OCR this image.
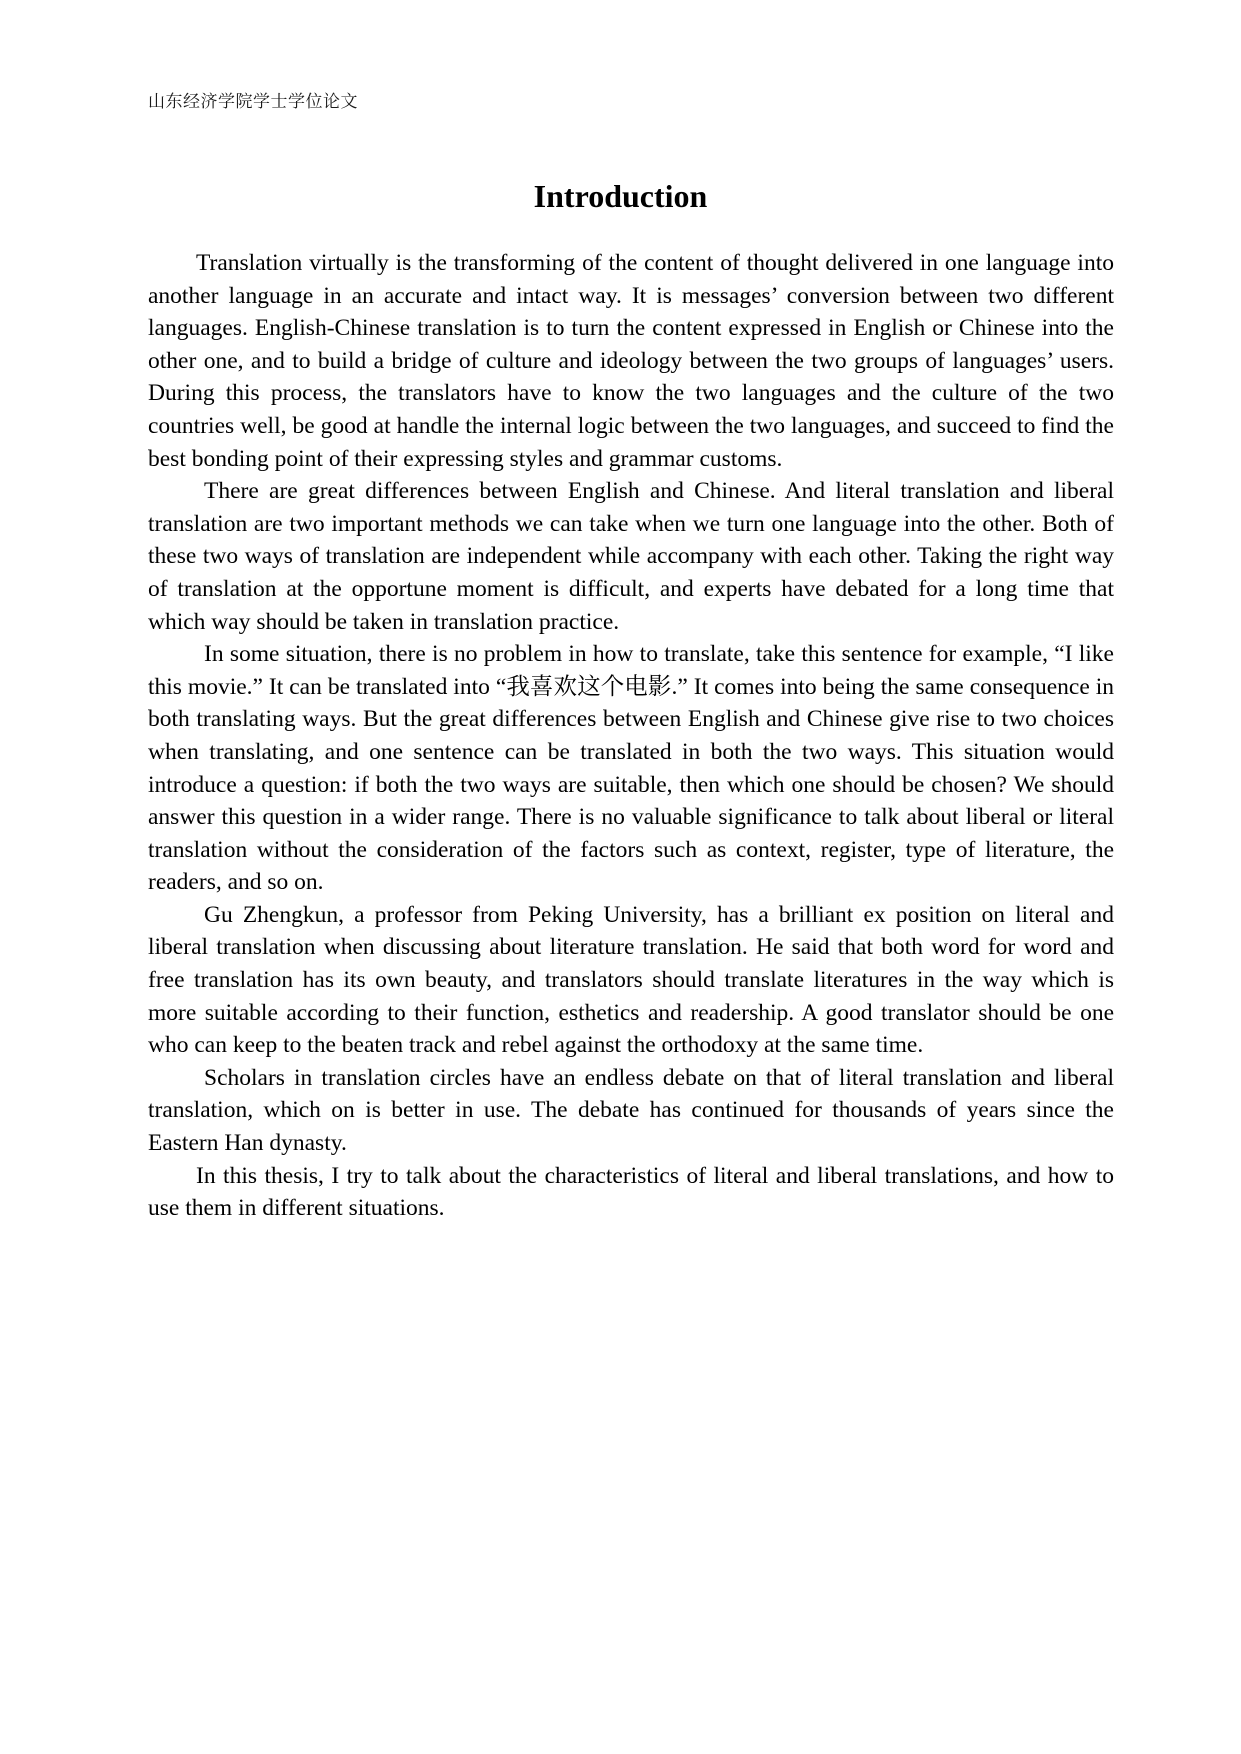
山东经济学院学士学位论文
Introduction

Translation virtually is the transforming of the content of thought delivered in one language into another language in an accurate and intact way. It is messages’ conversion between two different languages. English-Chinese translation is to turn the content expressed in English or Chinese into the other one, and to build a bridge of culture and ideology between the two groups of languages’ users. During this process, the translators have to know the two languages and the culture of the two countries well, be good at handle the internal logic between the two languages, and succeed to find the best bonding point of their expressing styles and grammar customs.

There are great differences between English and Chinese. And literal translation and liberal translation are two important methods we can take when we turn one language into the other. Both of these two ways of translation are independent while accompany with each other. Taking the right way of translation at the opportune moment is difficult, and experts have debated for a long time that which way should be taken in translation practice.

In some situation, there is no problem in how to translate, take this sentence for example, “I like this movie.” It can be translated into “我喜欢这个电影.” It comes into being the same consequence in both translating ways. But the great differences between English and Chinese give rise to two choices when translating, and one sentence can be translated in both the two ways. This situation would introduce a question: if both the two ways are suitable, then which one should be chosen? We should answer this question in a wider range. There is no valuable significance to talk about liberal or literal translation without the consideration of the factors such as context, register, type of literature, the readers, and so on.

Gu Zhengkun, a professor from Peking University, has a brilliant ex position on literal and liberal translation when discussing about literature translation. He said that both word for word and free translation has its own beauty, and translators should translate literatures in the way which is more suitable according to their function, esthetics and readership. A good translator should be one who can keep to the beaten track and rebel against the orthodoxy at the same time.

Scholars in translation circles have an endless debate on that of literal translation and liberal translation, which on is better in use. The debate has continued for thousands of years since the Eastern Han dynasty.

In this thesis, I try to talk about the characteristics of literal and liberal translations, and how to use them in different situations.
